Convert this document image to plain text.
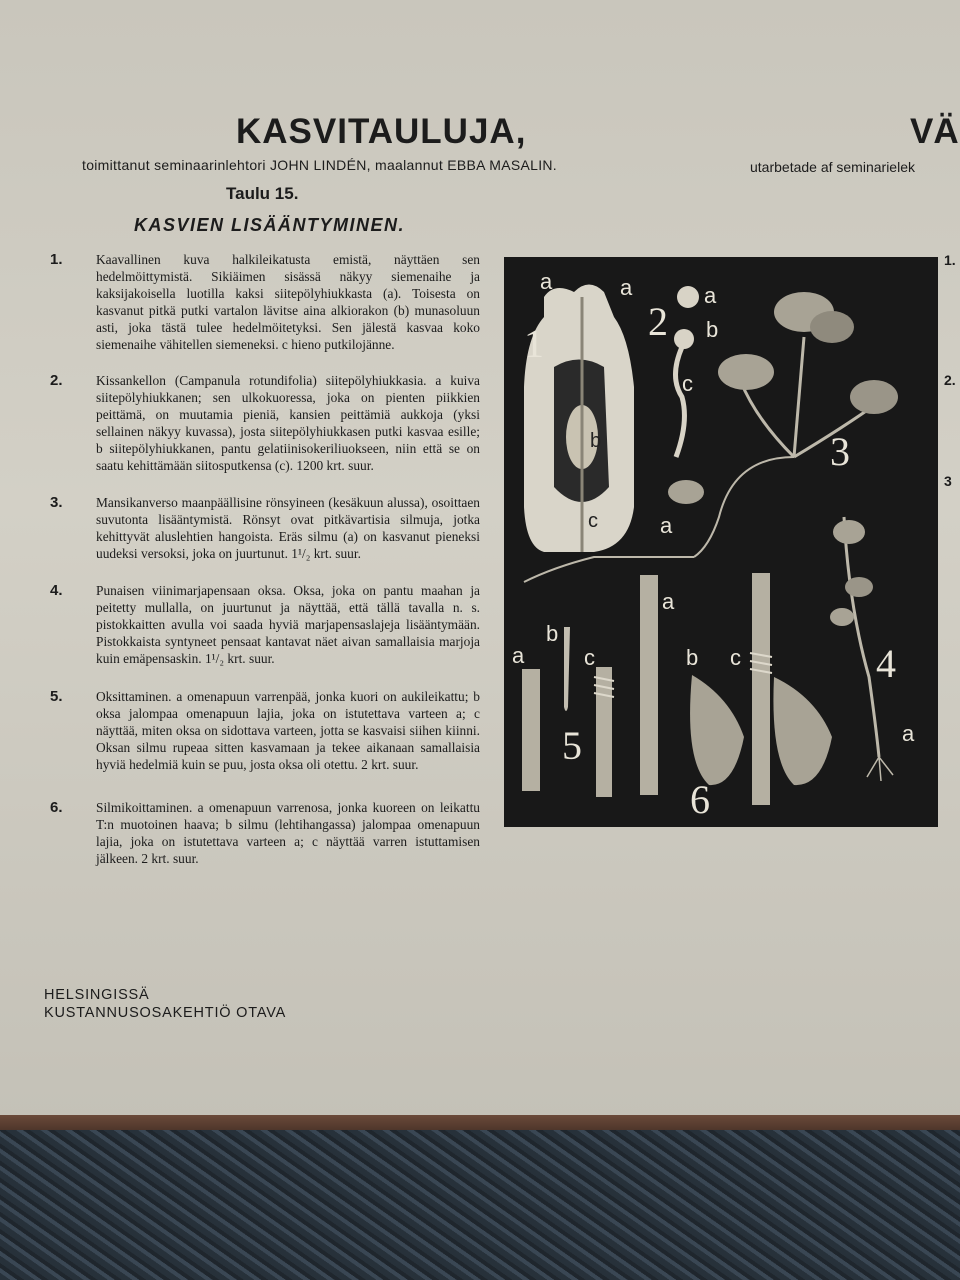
KASVITAULUJA,	VÄ
toimittanut seminaarinlehtori JOHN LINDÉN, maalannut EBBA MASALIN.	utarbetade af seminarielek
Taulu 15.
KASVIEN LISÄÄNTYMINEN.
1. Kaavallinen kuva halkileikatusta emistä, näyttäen sen hedelmöittymistä. Sikiäimen sisässä näkyy siemenaihe ja kaksijakoisella luotilla kaksi siitepölyhiukkasta (a). Toisesta on kasvanut pitkä putki vartalon lävitse aina alkiorakon (b) munasoluun asti, joka tästä tulee hedelmöitetyksi. Sen jälestä kasvaa koko siemenaihe vähitellen siemeneksi. c hieno putkilojänne.
2. Kissankellon (Campanula rotundifolia) siitepölyhiukkasia. a kuiva siitepölyhiukkanen; sen ulkokuoressa, joka on pienten piikkien peittämä, on muutamia pieniä, kansien peittämiä aukkoja (yksi sellainen näkyy kuvassa), josta siitepölyhiukkasen putki kasvaa esille; b siitepölyhiukkanen, pantu gelatiinisokeriliuokseen, niin että se on saatu kehittämään siitosputkensa (c). 1200 krt. suur.
3. Mansikanverso maanpäällisine rönsyineen (kesäkuun alussa), osoittaen suvutonta lisääntymistä. Rönsyt ovat pitkävartisia silmuja, jotka kehittyvät aluslehtien hangoista. Eräs silmu (a) on kasvanut pieneksi uudeksi versoksi, joka on juurtunut. 1¹/₂ krt. suur.
4. Punaisen viinimarjapensaan oksa. Oksa, joka on pantu maahan ja peitetty mullalla, on juurtunut ja näyttää, että tällä tavalla n. s. pistokkaitten avulla voi saada hyviä marjapensaslajeja lisääntymään. Pistokkaista syntyneet pensaat kantavat näet aivan samallaisia marjoja kuin emäpensaskin. 1¹/₂ krt. suur.
5. Oksittaminen. a omenapuun varrenpää, jonka kuori on aukileikattu; b oksa jalompaa omenapuun lajia, joka on istutettava varteen a; c näyttää, miten oksa on sidottava varteen, jotta se kasvaisi siihen kiinni. Oksan silmu rupeaa sitten kasvamaan ja tekee aikanaan samallaisia hyviä hedelmiä kuin se puu, josta oksa oli otettu. 2 krt. suur.
6. Silmikoittaminen. a omenapuun varrenosa, jonka kuoreen on leikattu T:n muotoinen haava; b silmu (lehtihangassa) jalompaa omenapuun lajia, joka on istutettava varteen a; c näyttää varren istuttamisen jälkeen. 2 krt. suur.
1.
2.
3
1
a	a
b
c
2
a
b
c
3
a
4
a
5
a
b
c
6
a
b c
HELSINGISSÄ
KUSTANNUSOSAKEHTIÖ OTAVA
